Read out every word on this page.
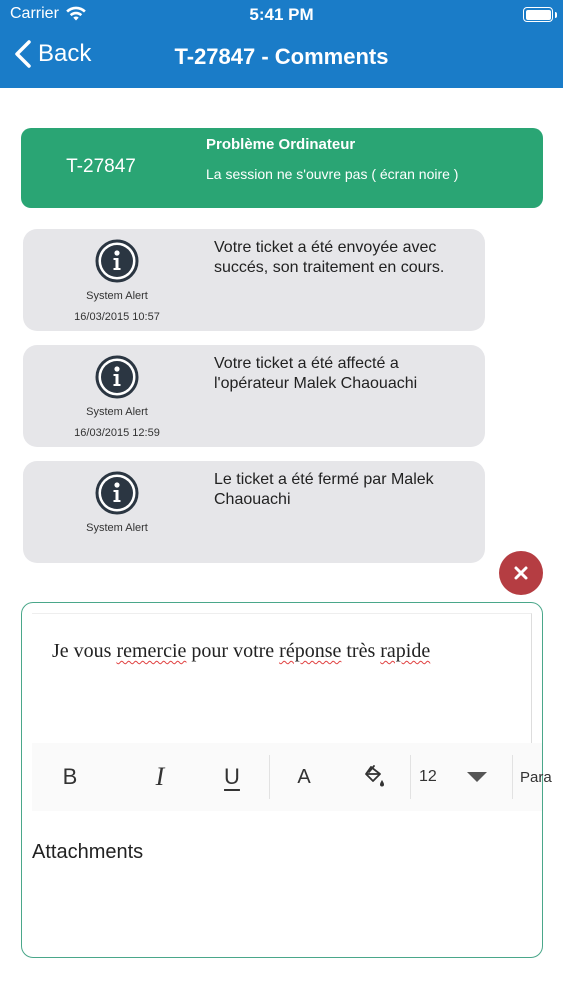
Carrier	5:41 PM
Back	T-27847 - Comments
T-27847
Problème Ordinateur
La session ne s'ouvre pas ( écran noire )
System Alert
16/03/2015 10:57
Votre ticket a été envoyée avec succés, son traitement en cours.
System Alert
16/03/2015 12:59
Votre ticket a été affecté a l'opérateur Malek Chaouachi
System Alert
Le ticket a été fermé par Malek Chaouachi
Je vous remercie pour votre réponse très rapide
B	I	U	A	12	Para
Attachments
